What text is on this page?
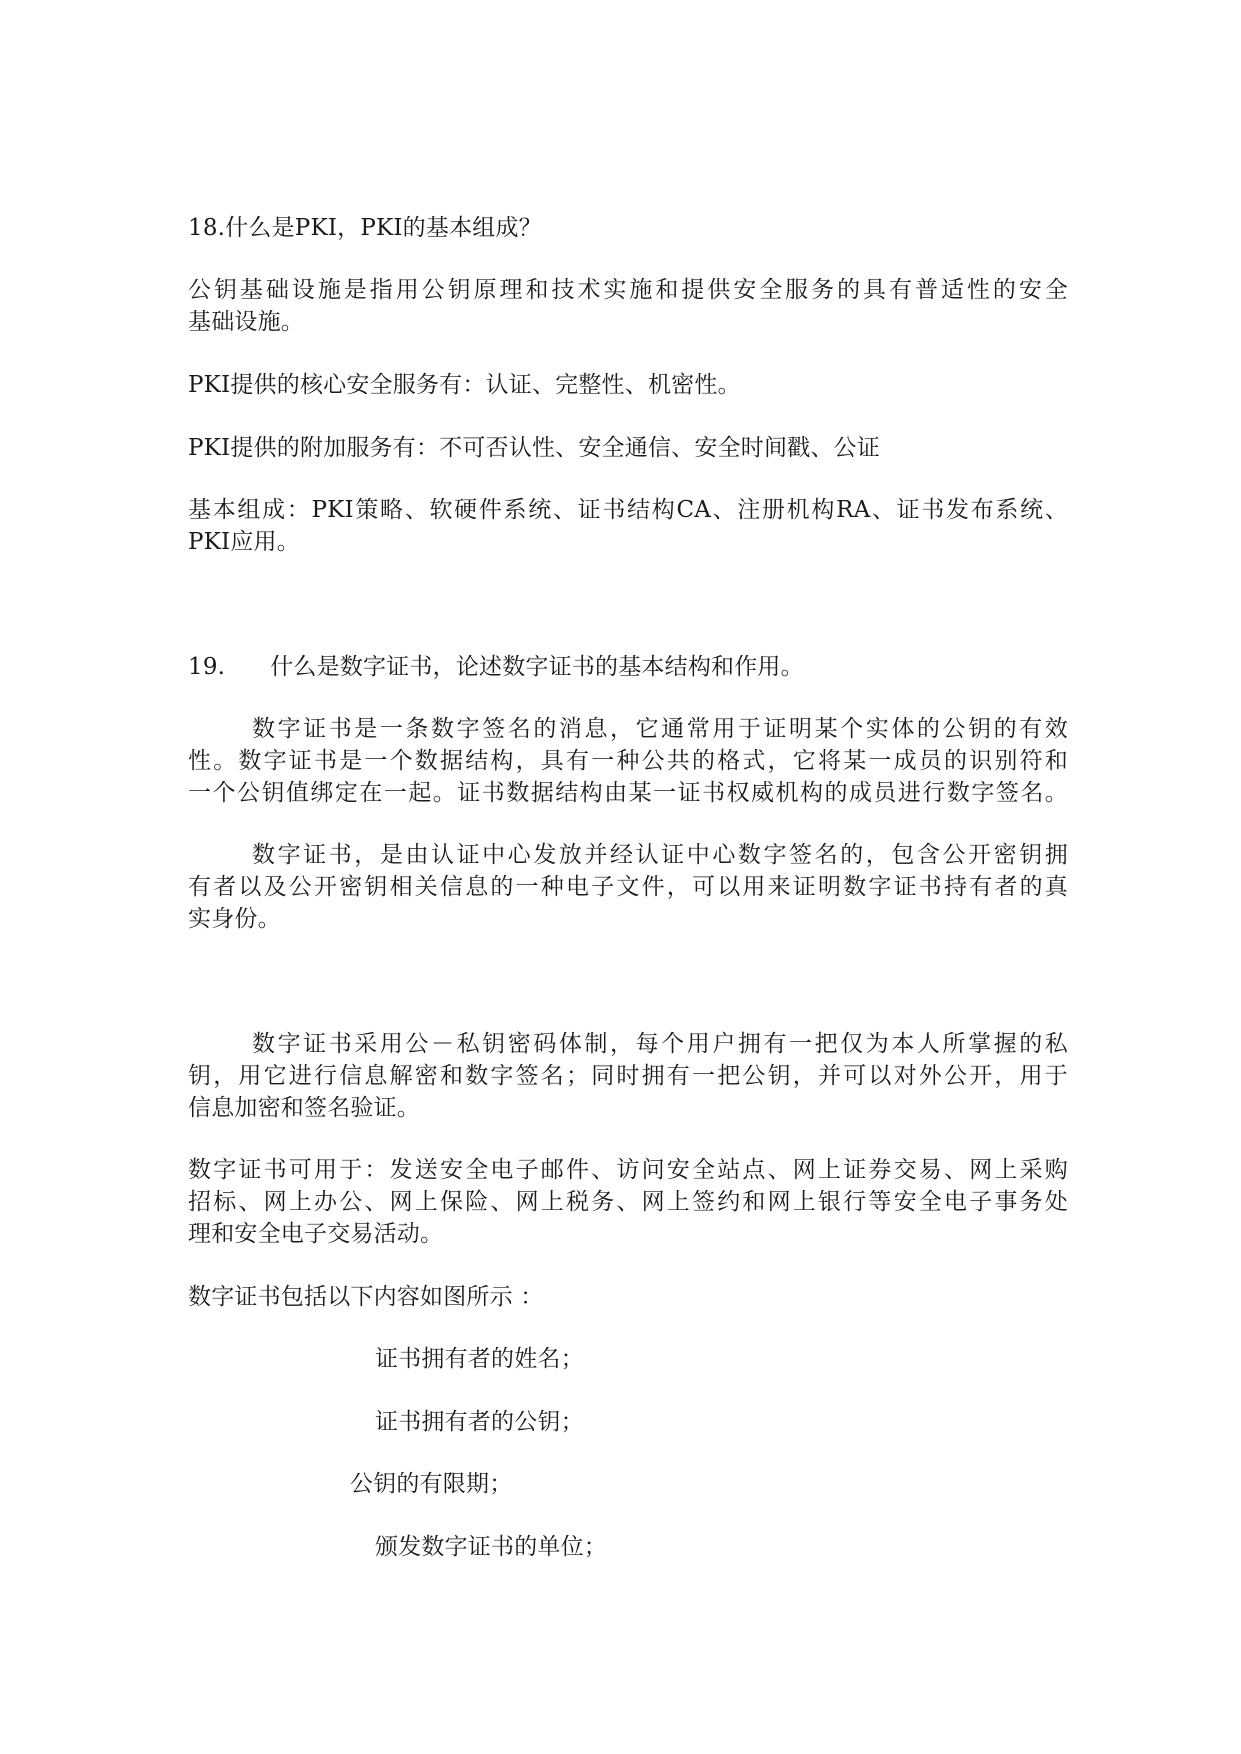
18.什么是PKI，PKI的基本组成？
公钥基础设施是指用公钥原理和技术实施和提供安全服务的具有普适性的安全
基础设施。
PKI提供的核心安全服务有：认证、完整性、机密性。
PKI提供的附加服务有：不可否认性、安全通信、安全时间戳、公证
基本组成：PKI策略、软硬件系统、证书结构CA、注册机构RA、证书发布系统、
PKI应用。
19. 什么是数字证书，论述数字证书的基本结构和作用。
数字证书是一条数字签名的消息，它通常用于证明某个实体的公钥的有效
性。数字证书是一个数据结构，具有一种公共的格式，它将某一成员的识别符和
一个公钥值绑定在一起。证书数据结构由某一证书权威机构的成员进行数字签名。
数字证书，是由认证中心发放并经认证中心数字签名的，包含公开密钥拥
有者以及公开密钥相关信息的一种电子文件，可以用来证明数字证书持有者的真
实身份。
数字证书采用公－私钥密码体制，每个用户拥有一把仅为本人所掌握的私
钥，用它进行信息解密和数字签名；同时拥有一把公钥，并可以对外公开，用于
信息加密和签名验证。
数字证书可用于：发送安全电子邮件、访问安全站点、网上证券交易、网上采购
招标、网上办公、网上保险、网上税务、网上签约和网上银行等安全电子事务处
理和安全电子交易活动。
数字证书包括以下内容如图所示 ：
证书拥有者的姓名；
证书拥有者的公钥；
公钥的有限期；
颁发数字证书的单位；
